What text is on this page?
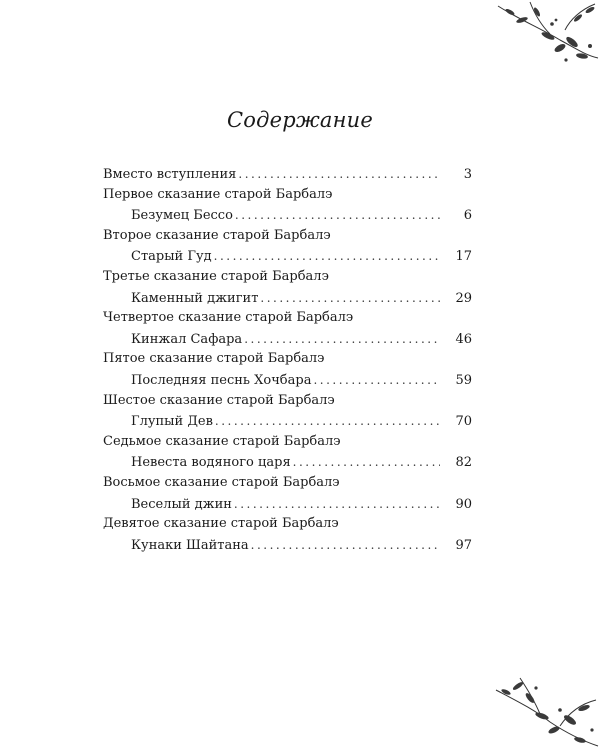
Содержание
Вместо вступления .....	3
Первое сказание старой Барбалэ
Безумец Бессо .....	6
Второе сказание старой Барбалэ
Старый Гуд .....	17
Третье сказание старой Барбалэ
Каменный джигит .....	29
Четвертое сказание старой Барбалэ
Кинжал Сафара .....	46
Пятое сказание старой Барбалэ
Последняя песнь Хочбара .....	59
Шестое сказание старой Барбалэ
Глупый Дев .....	70
Седьмое сказание старой Барбалэ
Невеста водяного царя .....	82
Восьмое сказание старой Барбалэ
Веселый джин .....	90
Девятое сказание старой Барбалэ
Кунаки Шайтана .....	97
